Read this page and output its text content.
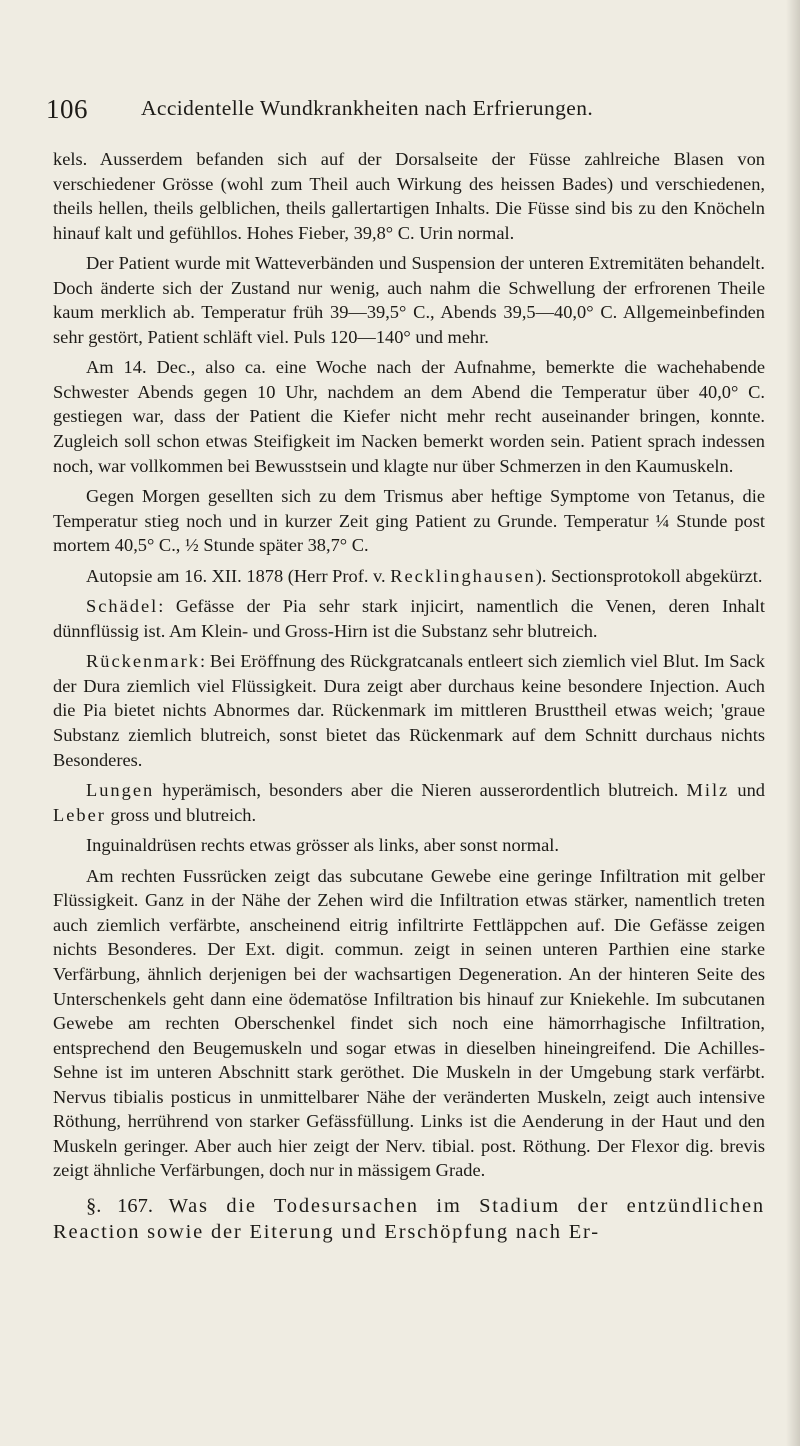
106 Accidentelle Wundkrankheiten nach Erfrierungen.

kels. Ausserdem befanden sich auf der Dorsalseite der Füsse zahlreiche Blasen von verschiedener Grösse (wohl zum Theil auch Wirkung des heissen Bades) und verschiedenen, theils hellen, theils gelblichen, theils gallertartigen Inhalts. Die Füsse sind bis zu den Knöcheln hinauf kalt und gefühllos. Hohes Fieber, 39,8° C. Urin normal.

Der Patient wurde mit Watteverbänden und Suspension der unteren Extremitäten behandelt. Doch änderte sich der Zustand nur wenig, auch nahm die Schwellung der erfrorenen Theile kaum merklich ab. Temperatur früh 39—39,5° C., Abends 39,5—40,0° C. Allgemeinbefinden sehr gestört, Patient schläft viel. Puls 120—140° und mehr.

Am 14. Dec., also ca. eine Woche nach der Aufnahme, bemerkte die wachehabende Schwester Abends gegen 10 Uhr, nachdem an dem Abend die Temperatur über 40,0° C. gestiegen war, dass der Patient die Kiefer nicht mehr recht auseinander bringen, konnte. Zugleich soll schon etwas Steifigkeit im Nacken bemerkt worden sein. Patient sprach indessen noch, war vollkommen bei Bewusstsein und klagte nur über Schmerzen in den Kaumuskeln.

Gegen Morgen gesellten sich zu dem Trismus aber heftige Symptome von Tetanus, die Temperatur stieg noch und in kurzer Zeit ging Patient zu Grunde. Temperatur ¼ Stunde post mortem 40,5° C., ½ Stunde später 38,7° C.

Autopsie am 16. XII. 1878 (Herr Prof. v. Recklinghausen). Sectionsprotokoll abgekürzt.

Schädel: Gefässe der Pia sehr stark injicirt, namentlich die Venen, deren Inhalt dünnflüssig ist. Am Klein- und Gross-Hirn ist die Substanz sehr blutreich.

Rückenmark: Bei Eröffnung des Rückgratcanals entleert sich ziemlich viel Blut. Im Sack der Dura ziemlich viel Flüssigkeit. Dura zeigt aber durchaus keine besondere Injection. Auch die Pia bietet nichts Abnormes dar. Rückenmark im mittleren Brusttheil etwas weich; 'graue Substanz ziemlich blutreich, sonst bietet das Rückenmark auf dem Schnitt durchaus nichts Besonderes.

Lungen hyperämisch, besonders aber die Nieren ausserordentlich blutreich. Milz und Leber gross und blutreich.

Inguinaldrüsen rechts etwas grösser als links, aber sonst normal.

Am rechten Fussrücken zeigt das subcutane Gewebe eine geringe Infiltration mit gelber Flüssigkeit. Ganz in der Nähe der Zehen wird die Infiltration etwas stärker, namentlich treten auch ziemlich verfärbte, anscheinend eitrig infiltrirte Fettläppchen auf. Die Gefässe zeigen nichts Besonderes. Der Ext. digit. commun. zeigt in seinen unteren Parthien eine starke Verfärbung, ähnlich derjenigen bei der wachsartigen Degeneration. An der hinteren Seite des Unterschenkels geht dann eine ödematöse Infiltration bis hinauf zur Kniekehle. Im subcutanen Gewebe am rechten Oberschenkel findet sich noch eine hämorrhagische Infiltration, entsprechend den Beugemuskeln und sogar etwas in dieselben hineingreifend. Die Achilles-Sehne ist im unteren Abschnitt stark geröthet. Die Muskeln in der Umgebung stark verfärbt. Nervus tibialis posticus in unmittelbarer Nähe der veränderten Muskeln, zeigt auch intensive Röthung, herrührend von starker Gefässfüllung. Links ist die Aenderung in der Haut und den Muskeln geringer. Aber auch hier zeigt der Nerv. tibial. post. Röthung. Der Flexor dig. brevis zeigt ähnliche Verfärbungen, doch nur in mässigem Grade.

§. 167. Was die Todesursachen im Stadium der entzündlichen Reaction sowie der Eiterung und Erschöpfung nach Er-
